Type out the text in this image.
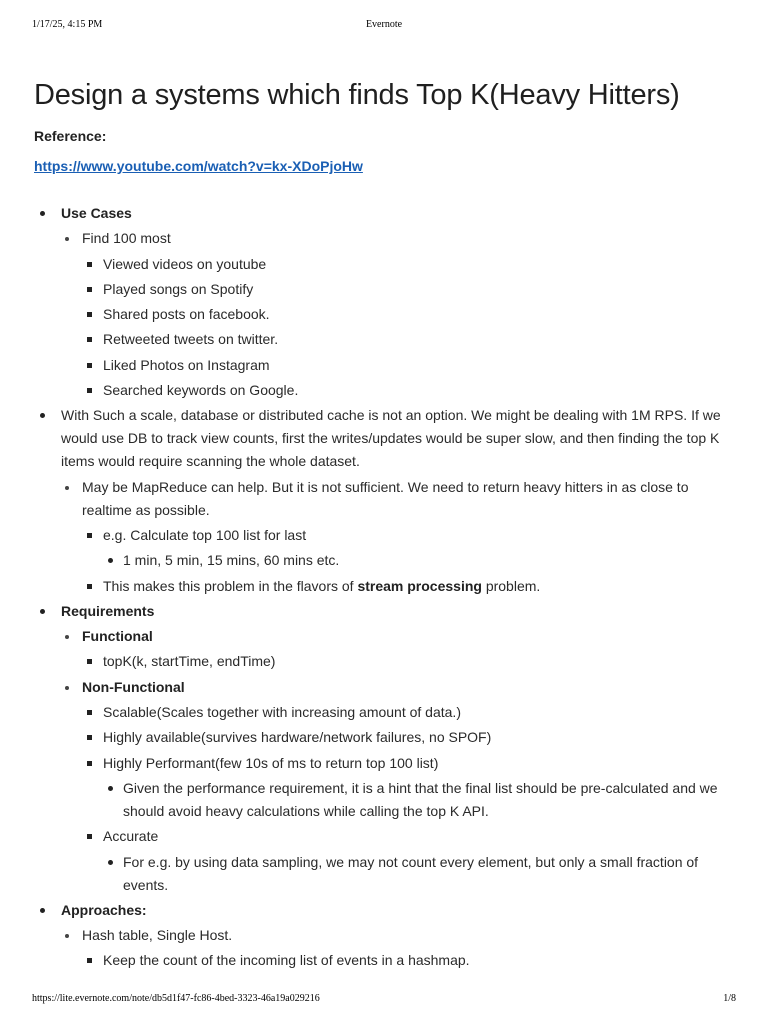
1/17/25, 4:15 PM	Evernote
Design a systems which finds Top K(Heavy Hitters)
Reference:
https://www.youtube.com/watch?v=kx-XDoPjoHw
Use Cases
Find 100 most
Viewed videos on youtube
Played songs on Spotify
Shared posts on facebook.
Retweeted tweets on twitter.
Liked Photos on Instagram
Searched keywords on Google.
With Such a scale, database or distributed cache is not an option. We might be dealing with 1M RPS. If we would use DB to track view counts, first the writes/updates would be super slow, and then finding the top K items would require scanning the whole dataset.
May be MapReduce can help. But it is not sufficient. We need to return heavy hitters in as close to realtime as possible.
e.g. Calculate top 100 list for last
1 min, 5 min, 15 mins, 60 mins etc.
This makes this problem in the flavors of stream processing problem.
Requirements
Functional
topK(k, startTime, endTime)
Non-Functional
Scalable(Scales together with increasing amount of data.)
Highly available(survives hardware/network failures, no SPOF)
Highly Performant(few 10s of ms to return top 100 list)
Given the performance requirement, it is a hint that the final list should be pre-calculated and we should avoid heavy calculations while calling the top K API.
Accurate
For e.g. by using data sampling, we may not count every element, but only a small fraction of events.
Approaches:
Hash table, Single Host.
Keep the count of the incoming list of events in a hashmap.
https://lite.evernote.com/note/db5d1f47-fc86-4bed-3323-46a19a029216	1/8
